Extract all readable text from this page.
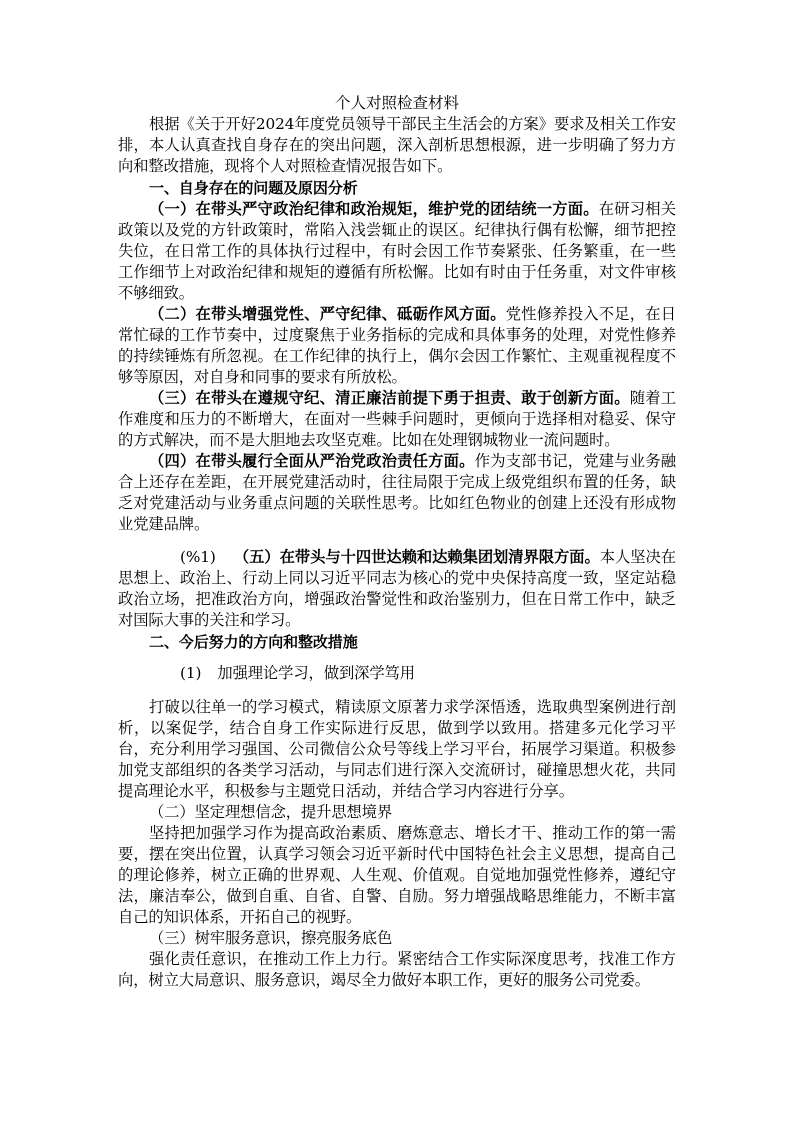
个人对照检查材料

根据《关于开好2024年度党员领导干部民主生活会的方案》要求及相关工作安排，本人认真查找自身存在的突出问题，深入剖析思想根源，进一步明确了努力方向和整改措施，现将个人对照检查情况报告如下。

一、自身存在的问题及原因分析

（一）在带头严守政治纪律和政治规矩，维护党的团结统一方面。在研习相关政策以及党的方针政策时，常陷入浅尝辄止的误区。纪律执行偶有松懈，细节把控失位，在日常工作的具体执行过程中，有时会因工作节奏紧张、任务繁重，在一些工作细节上对政治纪律和规矩的遵循有所松懈。比如有时由于任务重，对文件审核不够细致。

（二）在带头增强党性、严守纪律、砥砺作风方面。党性修养投入不足，在日常忙碌的工作节奏中，过度聚焦于业务指标的完成和具体事务的处理，对党性修养的持续锤炼有所忽视。在工作纪律的执行上，偶尔会因工作繁忙、主观重视程度不够等原因，对自身和同事的要求有所放松。

（三）在带头在遵规守纪、清正廉洁前提下勇于担责、敢于创新方面。随着工作难度和压力的不断增大，在面对一些棘手问题时，更倾向于选择相对稳妥、保守的方式解决，而不是大胆地去攻坚克难。比如在处理钢城物业一流问题时。

（四）在带头履行全面从严治党政治责任方面。作为支部书记，党建与业务融合上还存在差距，在开展党建活动时，往往局限于完成上级党组织布置的任务，缺乏对党建活动与业务重点问题的关联性思考。比如红色物业的创建上还没有形成物业党建品牌。

(%1) （五）在带头与十四世达赖和达赖集团划清界限方面。本人坚决在思想上、政治上、行动上同以习近平同志为核心的党中央保持高度一致，坚定站稳政治立场，把准政治方向，增强政治警觉性和政治鉴别力，但在日常工作中，缺乏对国际大事的关注和学习。

二、今后努力的方向和整改措施

(1) 加强理论学习，做到深学笃用

打破以往单一的学习模式，精读原文原著力求学深悟透，选取典型案例进行剖析，以案促学，结合自身工作实际进行反思，做到学以致用。搭建多元化学习平台，充分利用学习强国、公司微信公众号等线上学习平台，拓展学习渠道。积极参加党支部组织的各类学习活动，与同志们进行深入交流研讨，碰撞思想火花，共同提高理论水平，积极参与主题党日活动，并结合学习内容进行分享。

（二）坚定理想信念，提升思想境界

坚持把加强学习作为提高政治素质、磨炼意志、增长才干、推动工作的第一需要，摆在突出位置，认真学习领会习近平新时代中国特色社会主义思想，提高自己的理论修养，树立正确的世界观、人生观、价值观。自觉地加强党性修养，遵纪守法，廉洁奉公，做到自重、自省、自警、自励。努力增强战略思维能力，不断丰富自己的知识体系，开拓自己的视野。

（三）树牢服务意识，擦亮服务底色

强化责任意识，在推动工作上力行。紧密结合工作实际深度思考，找准工作方向，树立大局意识、服务意识，竭尽全力做好本职工作，更好的服务公司党委。
